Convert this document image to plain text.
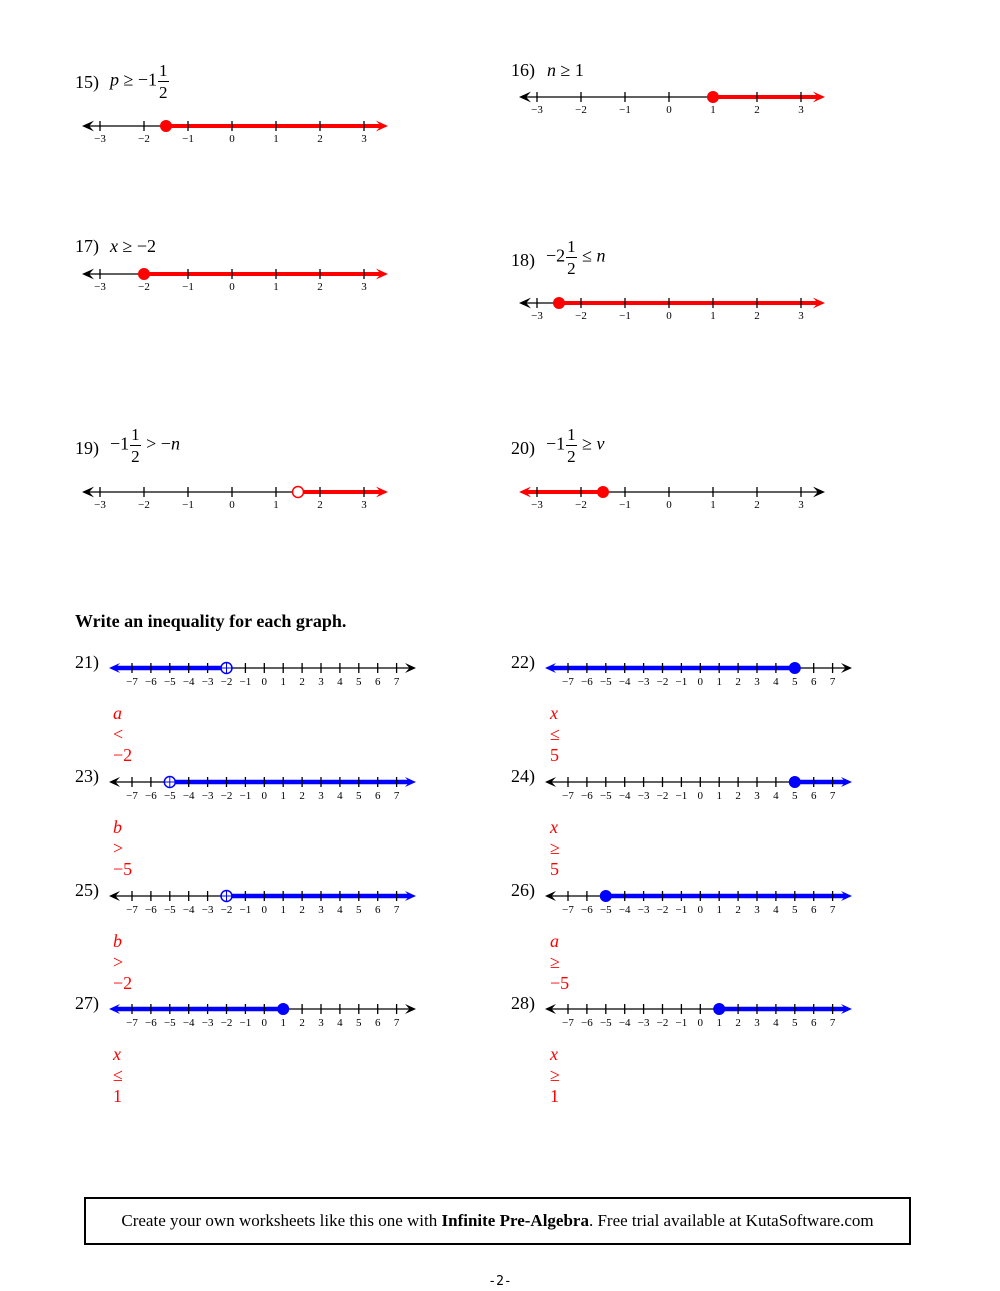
15) $p \ge -1 \frac{1}{2}$
−3	−2	−1	0	1	2	3
16) n ≥ 1
−3	−2	−1	0	1	2	3
17) x ≥ −2
−3	−2	−1	0	1	2	3
$18) -2 \frac{1}{2} \le n$
−3	−2	−1	0	1	2	3
$19) -1 \frac{1}{2} > -n$
−3	−2	−1	0	1	2	3
$20) -1 \frac{1}{2} \ge v$
−3	−2	−1	0	1	2	3
Write an inequality for each graph.
21)
−7 −6 −5 −4 −3 −2 −1 0 1 2 3 4 5 6 7
a < −2
22)
−7 −6 −5 −4 −3 −2 −1 0 1 2 3 4 5 6 7
x ≤ 5
23)
−7 −6 −5 −4 −3 −2 −1 0 1 2 3 4 5 6 7
b > −5
24)
−7 −6 −5 −4 −3 −2 −1 0 1 2 3 4 5 6 7
x ≥ 5
25)
−7 −6 −5 −4 −3 −2 −1 0 1 2 3 4 5 6 7
b > −2
26)
−7 −6 −5 −4 −3 −2 −1 0 1 2 3 4 5 6 7
a ≥ −5
27)
−7 −6 −5 −4 −3 −2 −1 0 1 2 3 4 5 6 7
x ≤ 1
28)
−7 −6 −5 −4 −3 −2 −1 0 1 2 3 4 5 6 7
x ≥ 1
Create your own worksheets like this one with Infinite Pre-Algebra. Free trial available at KutaSoftware.com
-2-
